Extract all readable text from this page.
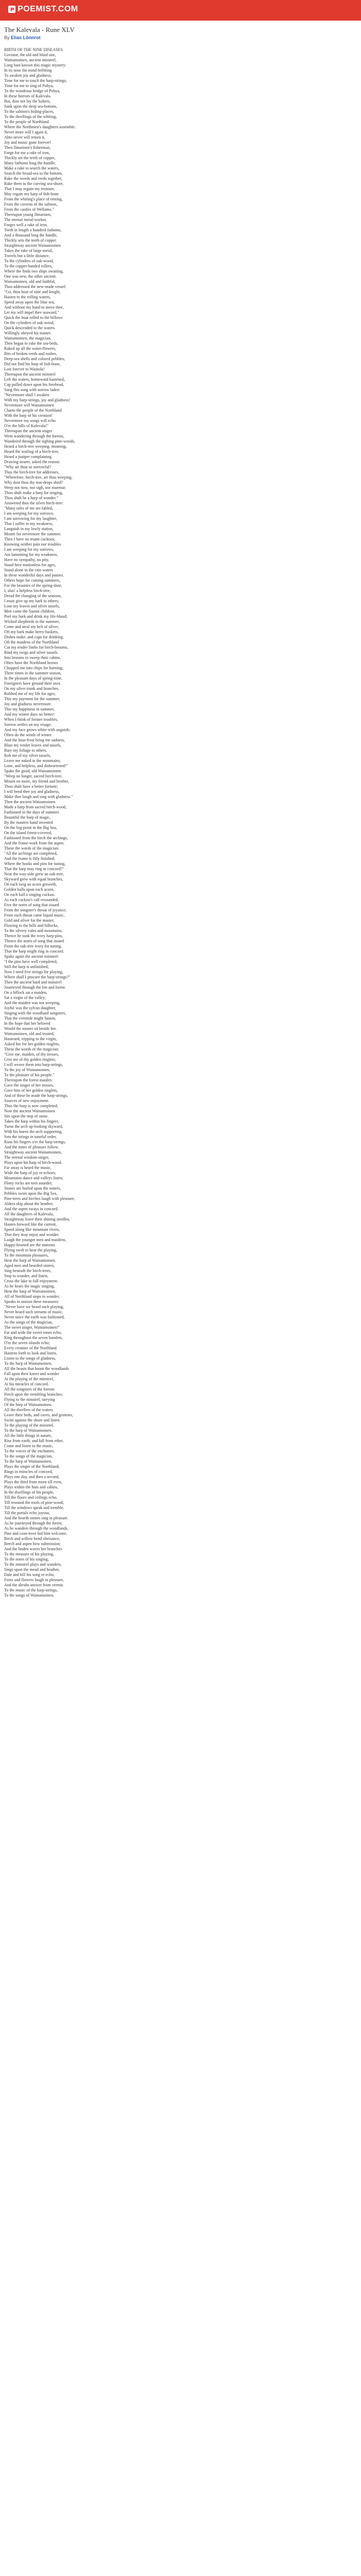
POEMIST.COM
The Kalevala - Rune XLV
By Elias Lönnrot
BIRTH OF THE NINE DISEASES
Loviatar, the old and blind one,
Wainamoinen, ancient minstrel,
Long hast known this magic mystery:
In its nose the mind befitting
To awaken joy and gladness,
Time for me to touch the harp-strings,
Time for me to sing of Pohya,
To the wondrous bridge of Pohya,
In these horrors of Kalevala.
But, dost not lay the halters,
Sank upon the deep sea-bottom,
To the salmon's hiding-places,
To the dwellings of the whiting,
To the people of Northland
Where the Northmen's daughters assemble.
Never more will I again it,
Ahto never will return it,
Joy and music gone forever!
Then Ilmarinen's fisherman,
Forge for me a rake of iron,
Thickly set the teeth of copper,
Many fathoms long the handle;
Make a rake to search the waters,
Search the broad-sea to the bottom,
Rake the weeds and reeds together,
Rake them to the curving sea-shore,
That I may regain my treasure,
May regain my harp of fish-bone
From the whiting's place of resting,
From the caverns of the salmon,
From the castles of Wellamo."
Thereupon young Ilmarinen,
The eternal metal-worker,
Forges well a rake of iron,
Teeth in length a hundred fathoms,
And a thousand long the handle,
Thickly sets the teeth of copper.
Straightway ancient Wainamoinen
Takes the rake of large metal,
Travels but a little distance,
To the cylinders of oak-wood,
To the copper-banded rollers,
Where the finds two ships awaiting,
One was new, the other ancient.
Wainamoinen, old and faithful,
Thus addressed the new-made vessel:
"Go, thou boat of nine and knight,
Hasten to the rolling waters,
Speed away upon the blue sea,
And without my hand to move thee,
Let my will impel thee seaward."
Quick the boat rolled to the billows
On the cylinders of oak-wood,
Quick descended to the waters.
Willingly obeyed his master.
Wainamoinen, the magician,
Then began to rake the sea-beds,
Raked up all the water-flowers,
Bits of broken reeds and rushes,
Deep-sea shells and colored pebbles,
Did not find his harp of fish-bone,
Lost forever to Wainola!
Thereupon the ancient minstrel
Left the waters, homeward hastened,
Cap pulled down upon his forehead,
Sang this song with sorrow laden:
"Nevermore shall I awaken
With my harp-strings, joy and gladness!
Nevermore will Wainamoinen
Charm the people of the Northland
With the harp of his creation!
Nevermore my songs will echo
O'er the hills of Kalevala!"
Thereupon the ancient singer
Went wandering through the forests,
Wandered through the sighing pine-woods,
Heard a birch-tree weeping, moaning,
Heard the wailing of a birch-tree,
Heard a juniper complaining.
Drawing nearer, asked the reason:
"Why art thou so sorrowful?
Thus the birch-tree for addresses,
"Wherefore, birch-tree, art thou weeping,
Why dost thou thy tear-drops shed?
Weep not now, nor sigh, nor murmur;
Thou shalt make a harp for singing,
Thou shalt be a harp of wonder."
Answered thus the silver birch-tree:
"Many tales of me are fabled,
I am weeping for my sorrows,
I am sorrowing for my laughter,
That I suffer in my weakness,
Languish in my lowly station,
Mourn for nevermore the summer.
Then I have no truant cuckoos,
Knowing neither pain nor troubles
I am weeping for my sorrows,
Am lamenting for my weakness,
Have no sympathy, no pity,
Stand here motionless for ages,
Stand alone in the rain waters
In these wonderful days and pasties.
Others hope for coming summers,
For the beauties of the spring-time,
I, alas! a helpless birch-tree,
Dread the changing of the seasons,
I must give up my bark to others;
Lose my leaves and silver tassels,
Men come the Suomi children,
Peel my bark and drink my life-blood;
Wicked shepherds in the summer,
Come and steal my belt of silver;
Oft my bark make berry-baskets,
Dishes make, and cups for drinking.
Oft the maidens of the Northland
Cut my tender limbs for birch-brooms,
Bind my twigs and silver tassels.
Into brooms to sweep their cabins.
Often have the Northland heroes
Chopped me into chips for burning;
Three times in the summer season,
In the pleasant days of spring-time,
Foreigners have ground their axes
On my silver trunk and branches.
Robbed me of my life for ages;
This my payment for the summer,
Joy and gladness nevermore.
This my happiness in summer,
And my winter days no better!
When I think of former troubles,
Sorrow settles on my visage,
And my face grows white with anguish;
Often do the winds of winter
And the hoar-frost bring me sadness,
Blast my tender leaves and tassels,
Bare my foliage to others,
Rob me of my silver tassels,
Leave me naked in the mountains,
Lone, and helpless, and disheartened!"
Spake the good, old Wainamoinen:
"Weep no longer, sacred birch-tree,
Mourn no more, my friend and brother,
Thou shalt have a better fortune;
I will bend thee joy and gladness,
Make thee laugh and sing with gladness."
Then the ancient Wainamoinen
Made a harp from sacred birch-wood,
Fashioned in the days of summer.
Beautiful the harp of magic,
By the masters hand invented
On the fog-point in the Big Sea,
On the island forest-covered,
Fashioned from the birch the archings,
And the frame-work from the aspen.
These the words of the magician:
"All the archings are completed,
And the frame is fitly finished;
Where the hooks and pins for tuning,
That the harp may ring in concord?"
Near the way-side grew an oak-tree,
Skyward grew with equal branches,
On each twig an acorn groweth,
Golden balls upon each acorn,
On each ball a singing cuckoo.
As each cuckoo's call resounded,
Five the notes of song that issued
From the songster's throat of joyance;
From each throat came liquid music,
Gold and silver for the master,
Flowing to the hills and hillocks,
To the silvery vales and mountains,
Thence he took the ivory harp-pins,
Thence the notes of song that issued
From the oak-tree ivory for tuning,
That the harp might ring in concord.
Spake again the ancient minstrel:
"I the pins have well completed,
Still the harp is unfinished;
Now I need five strings for playing,
Where shall I procure the harp-strings?"
Then the ancient bard and minstrel
Journeyed through the fen and forest.
On a hillock sat a maiden,
Sat a virgin of the valley;
And the maiden was not weeping,
Joyful was the sylvan daughter,
Singing with the woodland songsters,
That the eventide might hasten,
In the hope that her beloved
Would the sooner sit beside her.
Wainamoinen, old and trusted,
Hastened, tripping to the virgin,
Asked her for her golden ringlets,
These the words of the magician:
"Give me, maiden, of thy tresses,
Give me of thy golden ringlets;
I will weave them into harp-strings,
To the joy of Wainamoinen,
To the pleasure of his people."
Thereupon the forest maiden
Gave the singer of her tresses,
Gave him of her golden ringlets,
And of these he made the harp-strings,
Sources of new enjoyment.
Thus the harp is now completed;
Now the ancient Wainamoinen
Sits upon the step of stone.
Takes the harp within his fingers,
Turns the arch up-looking skyward,
With his knees the arch supporting,
Sets the strings in tuneful order,
Runs his fingers o'er the harp-strings,
And the notes of pleasure follow.
Straightway ancient Wainamoinen,
The eternal wisdom-singer,
Plays upon his harp of birch-wood.
Far away is heard the music,
Wide the harp of joy re-echoes;
Mountains dance and valleys listen,
Flinty rocks are torn asunder,
Stones are hurled upon the waters,
Pebbles swim upon the Big Sea,
Pine-trees and birches laugh with pleasure,
Alders skip about the heather,
And the aspen sways in concord.
All the daughters of Kalevala,
Straightway leave their shining needles,
Hasten forward like the current,
Speed along like mountain rivers,
That they may enjoy and wonder.
Laugh the younger men and maidens,
Happy-hearted are the matrons
Flying swift to hear the playing,
To the mountain pleasures,
Hear the harp of Wainamoinen.
Aged men and bearded sisters,
Sing beneath the birch-trees,
Stop to wonder, and listen,
Cross the lake to full enjoyment.
As he hears the magic singing,
Hear the harp of Wainamoinen,
All of Northland stops in wonder,
Speaks in unison these measures:
"Never have we heard such playing,
Never heard such streams of music,
Never since the earth was fashioned,
As the songs of the magician,
The sweet singer, Wainamoinen!"
Far and wide the sweet tones echo,
Ring throughout the seven hamlets,
O'er the seven islands echo;
Every creature of the Northland
Hastens forth to look and listen,
Listen to the songs of gladness,
To the harp of Wainamoinen.
All the beasts that haunt the woodlands
Fall upon their knees and wonder
At the playing of the minstrel,
At his miracles of concord.
All the songsters of the forests
Perch upon the trembling branches;
Flying to the minstrel, tarrying
Of the harp of Wainamoinen.
All the dwellers of the waters
Leave their beds, and caves, and grottoes,
Swim against the shore and listen
To the playing of the minstrel,
To the harp of Wainamoinen.
All the little things in nature,
Rise from earth, and fall from ether,
Come and listen to the music,
To the voices of the enchanter,
To the songs of the magician,
To the harp of Wainamoinen.
Plays the singer of the Northland,
Rings in miracles of concord,
Plays one day, and then a second,
Plays the third from morn till even,
Plays within the huts and cabins,
In the dwellings of his people,
Till the floors and ceilings echo,
Till resound the roofs of pine-wood,
Till the windows speak and tremble,
Till the portals echo joyous,
And the hearth-stones sing in pleasure.
As he journeyed through the forest,
As he wanders through the woodlands,
Pine and cone-trees bid him welcome,
Birch and willow bend obeisance,
Beech and aspen bow submission;
And the linden waves her branches
To the measure of his playing,
To the notes of his singing,
To the minstrel plays and wanders,
Sings upon the mead and heather,
Dale and hill his song re-echo,
Ferns and flowers laugh in pleasure,
And the shrubs answer from vermis
To the music of the harp-strings,
To the songs of Wainamoinen.
